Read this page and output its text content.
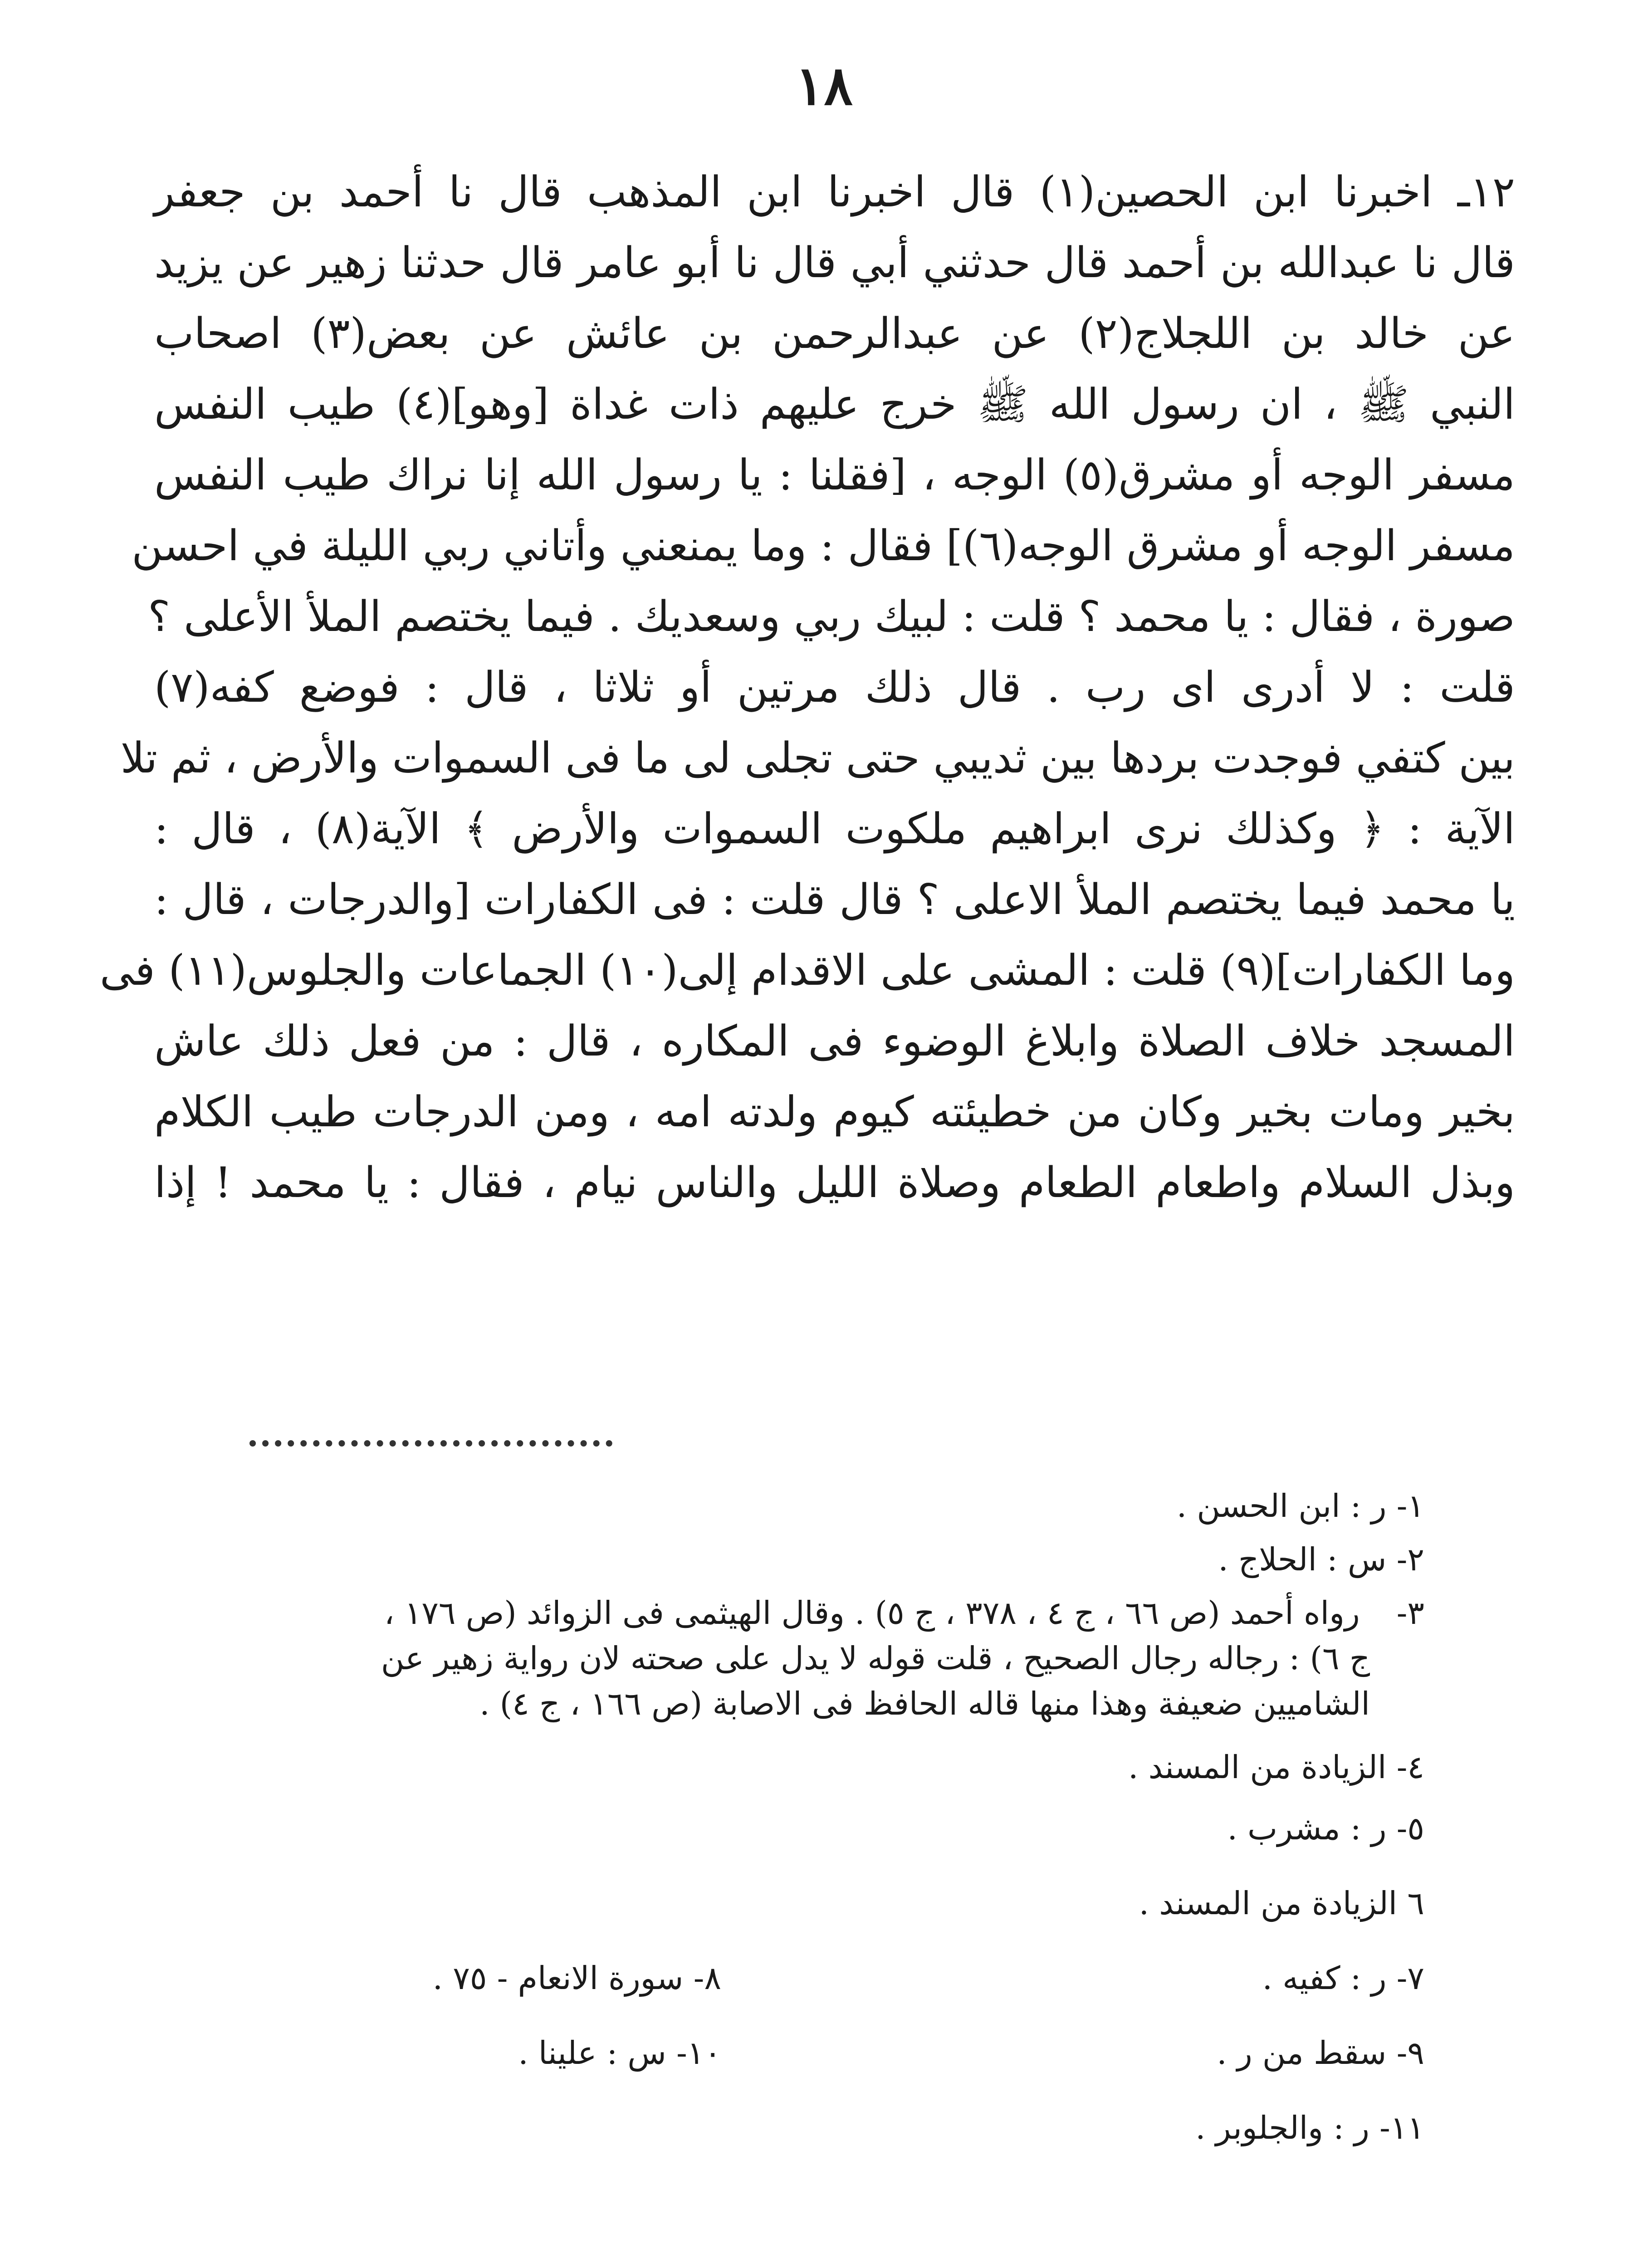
١٨
١٢ـ اخبرنا ابن الحصين(١) قال اخبرنا ابن المذهب قال نا أحمد بن جعفر
قال نا عبدالله بن أحمد قال حدثني أبي قال نا أبو عامر قال حدثنا زهير عن يزيد
عن خالد بن اللجلاج(٢) عن عبدالرحمن بن عائش عن بعض(٣) اصحاب
النبي ﷺ ، ان رسول الله ﷺ خرج عليهم ذات غداة [وهو](٤) طيب النفس
مسفر الوجه أو مشرق(٥) الوجه ، [فقلنا : يا رسول الله إنا نراك طيب النفس
مسفر الوجه أو مشرق الوجه(٦)] فقال : وما يمنعني وأتاني ربي الليلة في احسن
صورة ، فقال : يا محمد ؟ قلت : لبيك ربي وسعديك . فيما يختصم الملأ الأعلى ؟
قلت : لا أدرى اى رب . قال ذلك مرتين أو ثلاثا ، قال : فوضع كفه(٧)
بين كتفي فوجدت بردها بين ثديبي حتى تجلى لى ما فى السموات والأرض ، ثم تلا
الآية : ﴿ وكذلك نرى ابراهيم ملكوت السموات والأرض ﴾ الآية(٨) ، قال :
يا محمد فيما يختصم الملأ الاعلى ؟ قال قلت : فى الكفارات [والدرجات ، قال :
وما الكفارات](٩) قلت : المشى على الاقدام إلى(١٠) الجماعات والجلوس(١١) فى
المسجد خلاف الصلاة وابلاغ الوضوء فى المكاره ، قال : من فعل ذلك عاش
بخير ومات بخير وكان من خطيئته كيوم ولدته امه ، ومن الدرجات طيب الكلام
وبذل السلام واطعام الطعام وصلاة الليل والناس نيام ، فقال : يا محمد ! إذا
١- ر : ابن الحسن .
٢- س : الحلاج .
٣- رواه أحمد (ص ٦٦ ، ج ٤ ، ٣٧٨ ، ج ٥) . وقال الهيثمى فى الزوائد (ص ١٧٦ ،
ج ٦) : رجاله رجال الصحيح ، قلت قوله لا يدل على صحته لان رواية زهير عن
الشاميين ضعيفة وهذا منها قاله الحافظ فى الاصابة (ص ١٦٦ ، ج ٤) .
٤- الزيادة من المسند .
٥- ر : مشرب .
٦ الزيادة من المسند .
٧- ر : كفيه .
٨- سورة الانعام - ٧٥ .
٩- سقط من ر .
١٠- س : علينا .
١١- ر : والجلوبر .
